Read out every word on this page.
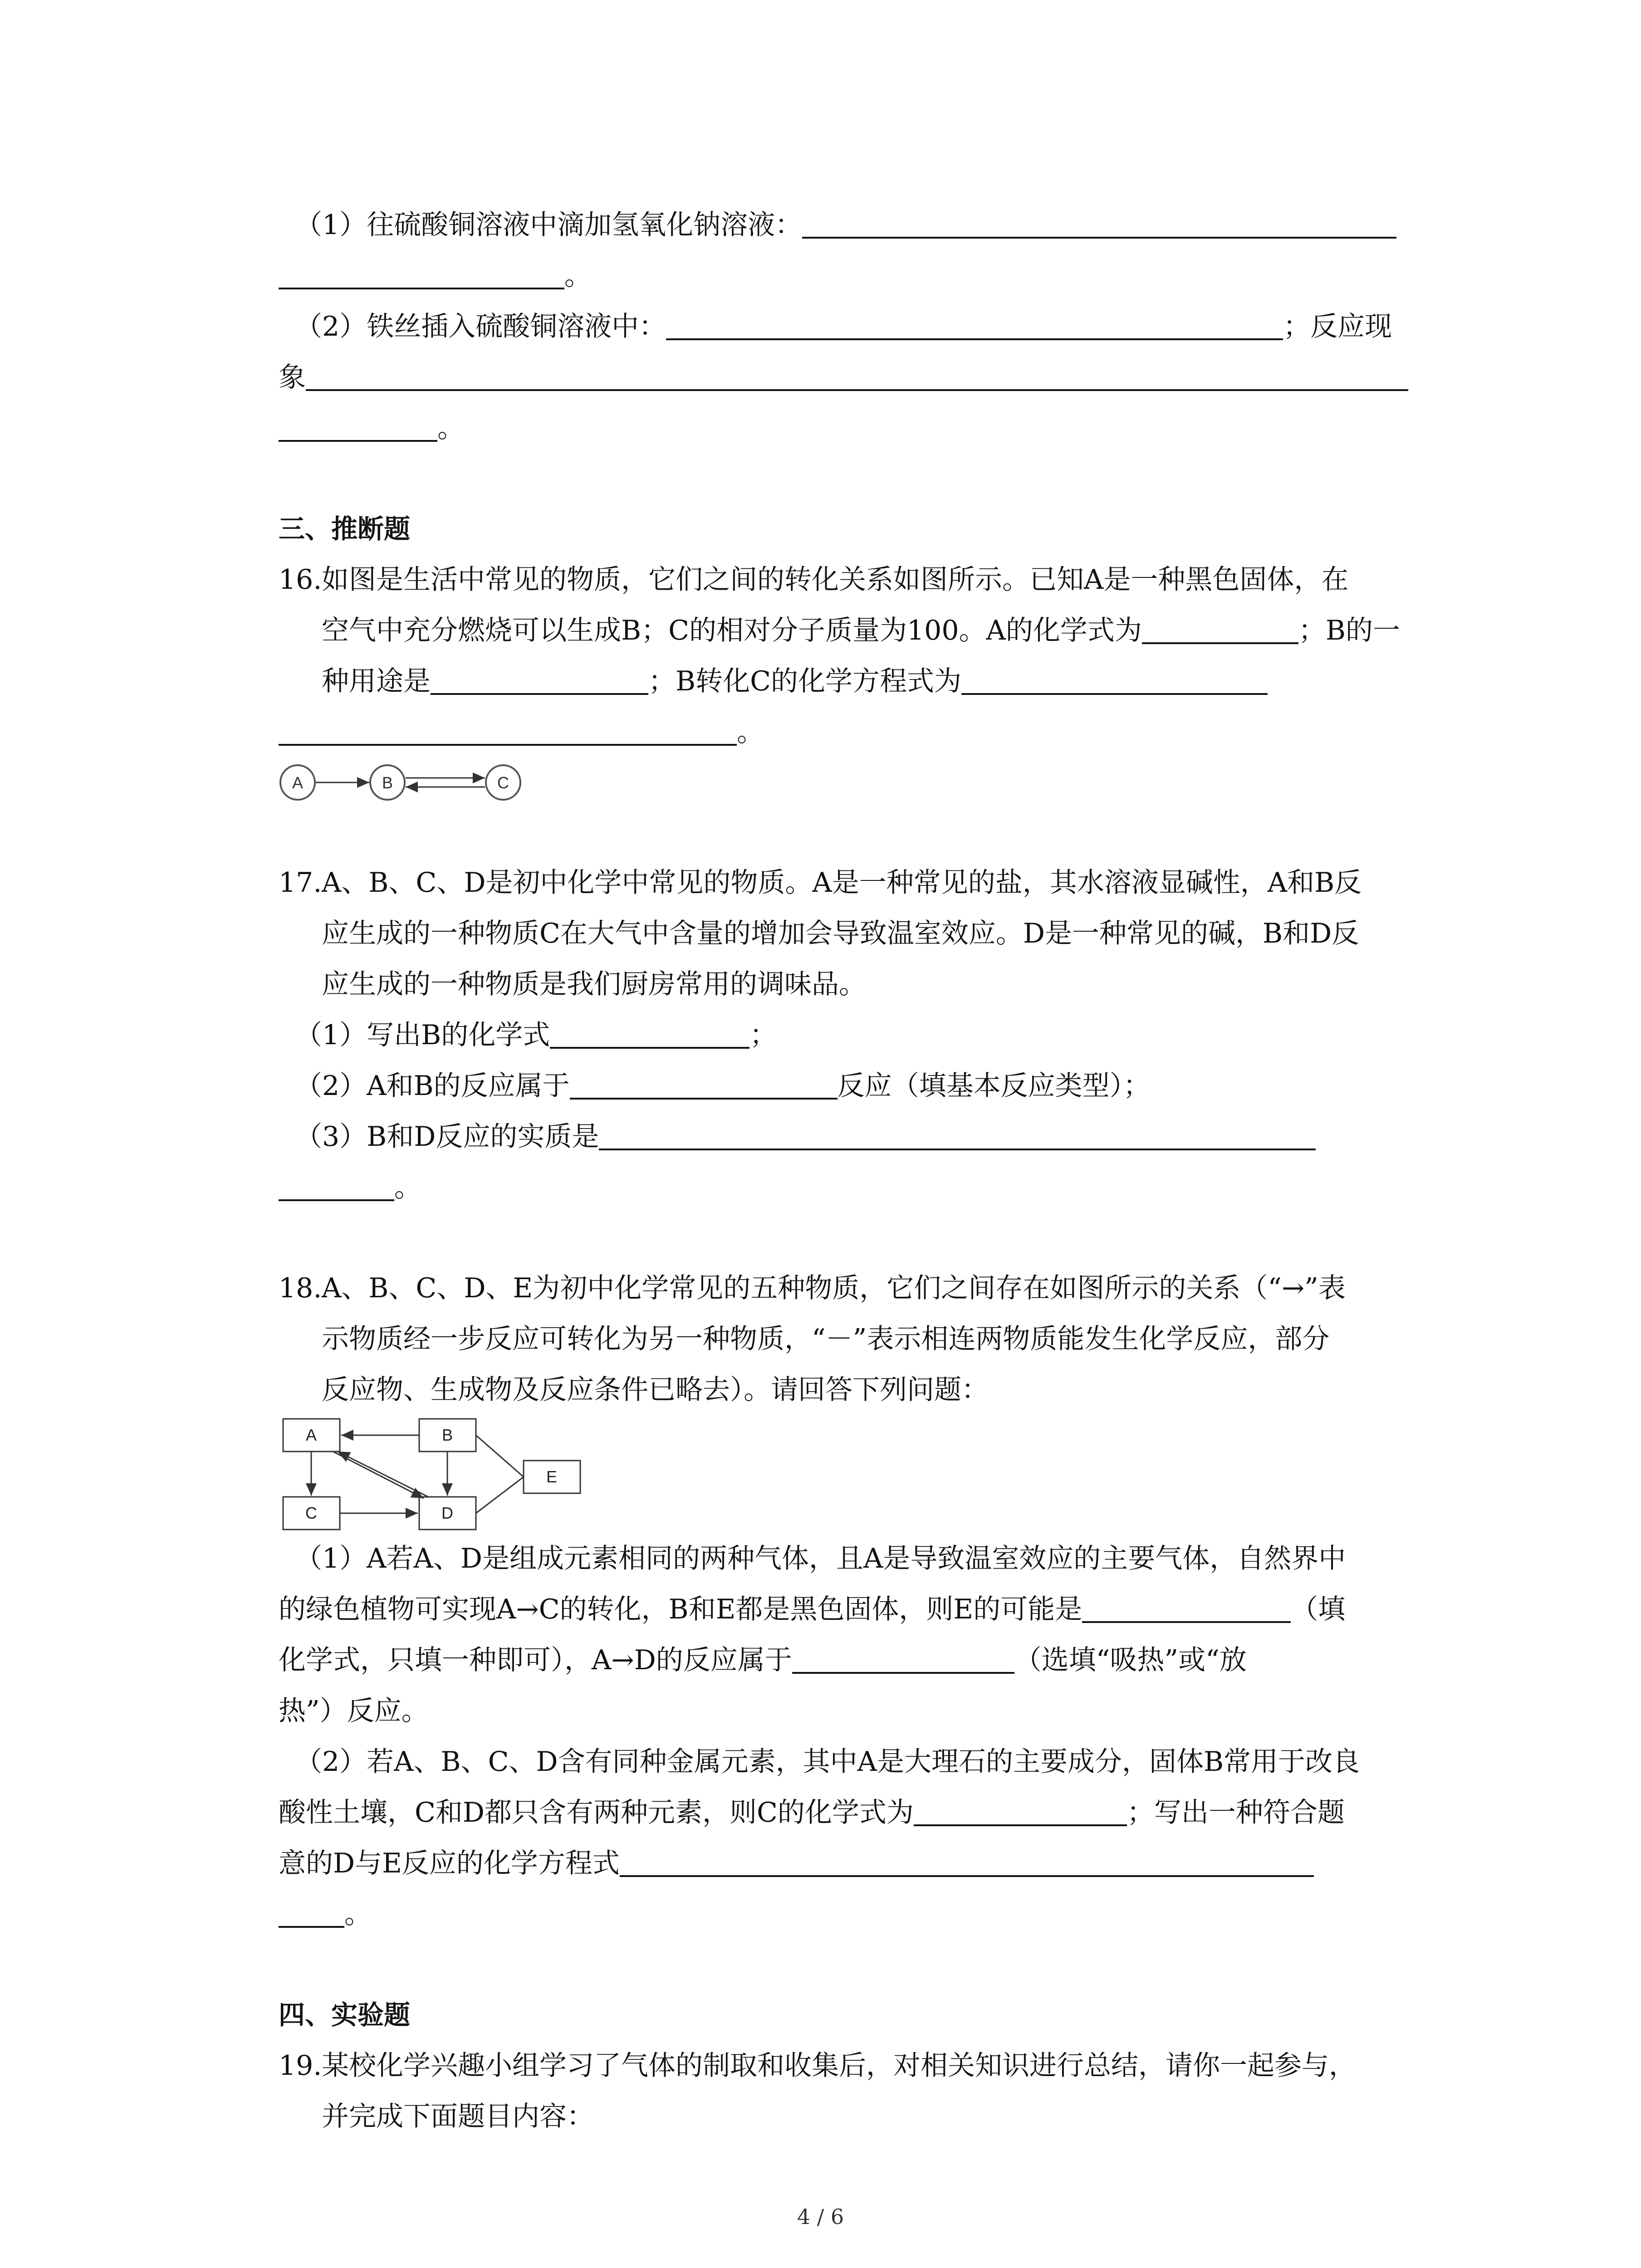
（1）往硫酸铜溶液中滴加氢氧化钠溶液：
。
（2）铁丝插入硫酸铜溶液中：	；反应现
象
。
三、推断题
16.如图是生活中常见的物质，它们之间的转化关系如图所示。已知A是一种黑色固体，在
空气中充分燃烧可以生成B；C的相对分子质量为100。A的化学式为	；B的一
种用途是	；B转化C的化学方程式为
。
A	B	C
17.A、B、C、D是初中化学中常见的物质。A是一种常见的盐，其水溶液显碱性，A和B反
应生成的一种物质C在大气中含量的增加会导致温室效应。D是一种常见的碱，B和D反
应生成的一种物质是我们厨房常用的调味品。
（1）写出B的化学式	；
（2）A和B的反应属于	反应（填基本反应类型）；
（3）B和D反应的实质是
。
18.A、B、C、D、E为初中化学常见的五种物质，它们之间存在如图所示的关系（“→”表
示物质经一步反应可转化为另一种物质，“－”表示相连两物质能发生化学反应，部分
反应物、生成物及反应条件已略去）。请回答下列问题：
A	B
C	D
E
（1）A若A、D是组成元素相同的两种气体，且A是导致温室效应的主要气体，自然界中
的绿色植物可实现A→C的转化，B和E都是黑色固体，则E的可能是	（填
化学式，只填一种即可），A→D的反应属于	（选填“吸热”或“放
热”）反应。
（2）若A、B、C、D含有同种金属元素，其中A是大理石的主要成分，固体B常用于改良
酸性土壤，C和D都只含有两种元素，则C的化学式为	；写出一种符合题
意的D与E反应的化学方程式
。
四、实验题
19.某校化学兴趣小组学习了气体的制取和收集后，对相关知识进行总结，请你一起参与，
并完成下面题目内容：
4 / 6
